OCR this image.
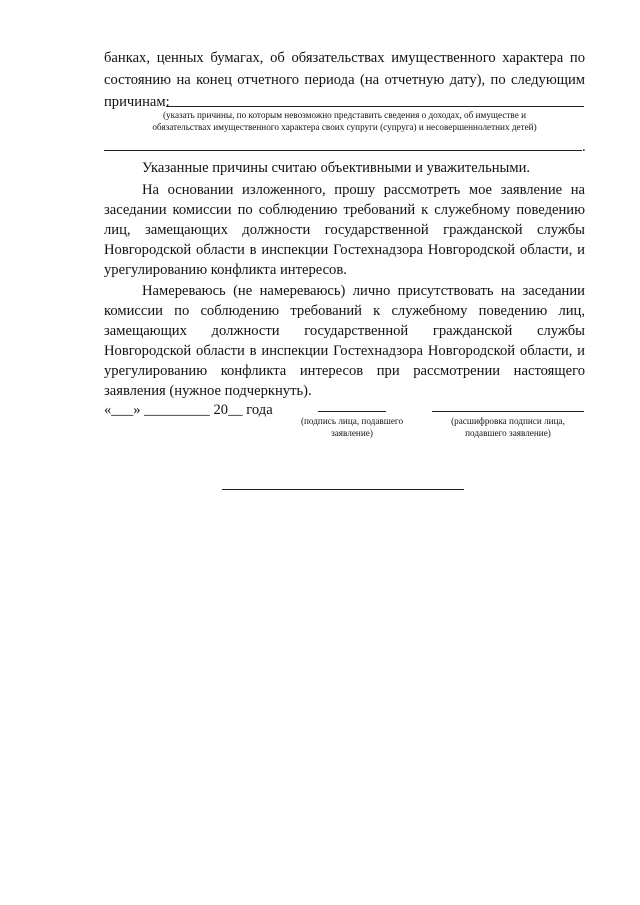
банках, ценных бумагах, об обязательствах имущественного характера по
состоянию на конец отчетного периода (на отчетную дату), по следующим
причинам:
(указать причины, по которым невозможно представить сведения о доходах, об имуществе и
обязательствах имущественного характера своих супруги (супруга) и несовершеннолетних детей)
.
Указанные причины считаю объективными и уважительными.
На основании изложенного, прошу рассмотреть мое заявление на
заседании комиссии по соблюдению требований к служебному поведению
лиц, замещающих должности государственной гражданской службы
Новгородской области в инспекции Гостехнадзора Новгородской области, и
урегулированию конфликта интересов.
Намереваюсь (не намереваюсь) лично присутствовать на заседании
комиссии по соблюдению требований к служебному поведению лиц,
замещающих должности государственной гражданской службы
Новгородской области в инспекции Гостехнадзора Новгородской области, и
урегулированию конфликта интересов при рассмотрении настоящего
заявления (нужное подчеркнуть).
«___» _________ 20__ года
(подпись лица, подавшего
заявление)
(расшифровка подписи лица,
подавшего заявление)
